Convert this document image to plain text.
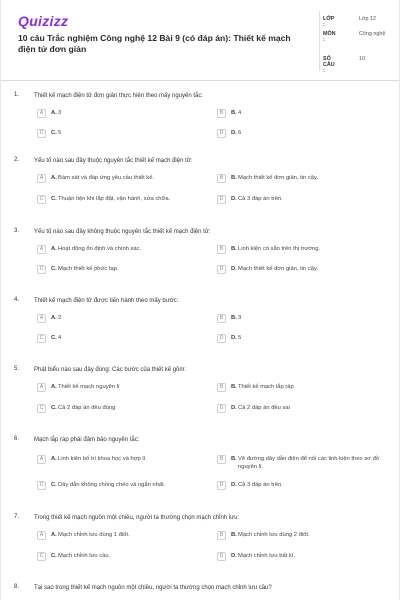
Quizizz
10 câu Trắc nghiệm Công nghệ 12 Bài 9 (có đáp án): Thiết kế mạch điện tử đơn giản
LỚP :
Lớp 12
MÔN :
Công nghệ
SỐ CÂU :
10
1. Thiết kế mạch điện tử đơn giản thực hiện theo mấy nguyên tắc:
A	A. 3	B	B. 4
C	C. 5	D	D. 6
2. Yếu tố nào sau đây thuộc nguyên tắc thiết kế mạch điện tử:
A	A. Bám sát và đáp ứng yêu cầu thiết kế.	B	B. Mạch thiết kế đơn giản, tin cậy.
C	C. Thuận tiện khi lắp đặt, vận hành, sửa chữa.	D	D. Cả 3 đáp án trên.
3. Yếu tố nào sau đây không thuộc nguyên tắc thiết kế mạch điện tử:
A	A. Hoạt động ổn định và chính xác.	B	B. Linh kiện có sẵn trên thị trường.
C	C. Mạch thiết kế phức tạp.	D	D. Mạch thiết kế đơn giản, tin cậy.
4. Thiết kế mạch điện tử được tiến hành theo mấy bước:
A	A. 2	B	B. 3
C	C. 4	D	D. 5
5. Phát biểu nào sau đây đúng: Các bước của thiết kế gồm:
A	A. Thiết kế mạch nguyên lí	B	B. Thiết kế mạch lắp ráp
C	C. Cả 2 đáp án đều đúng	D	D. Cả 2 đáp án đều sai
6. Mạch lắp ráp phải đảm bảo nguyên tắc:
A	A. Linh kiện bố trí khoa học và hợp lí.	B	B. Vẽ đường dây dẫn điện để nối các linh kiện theo sơ đồ nguyên lí.
C	C. Dây dẫn không chồng chéo và ngắn nhất.	D	D. Cả 3 đáp án trên.
7. Trong thiết kế mạch nguồn một chiều, người ta thường chọn mạch chỉnh lưu:
A	A. Mạch chỉnh lưu dùng 1 điốt.	B	B. Mạch chỉnh lưu dùng 2 điốt.
C	C. Mạch chỉnh lưu cầu.	D	D. Mạch chỉnh lưu bất kì.
8. Tại sao trong thiết kế mạch nguồn một chiều, người ta thường chọn mạch chỉnh lưu cầu?
